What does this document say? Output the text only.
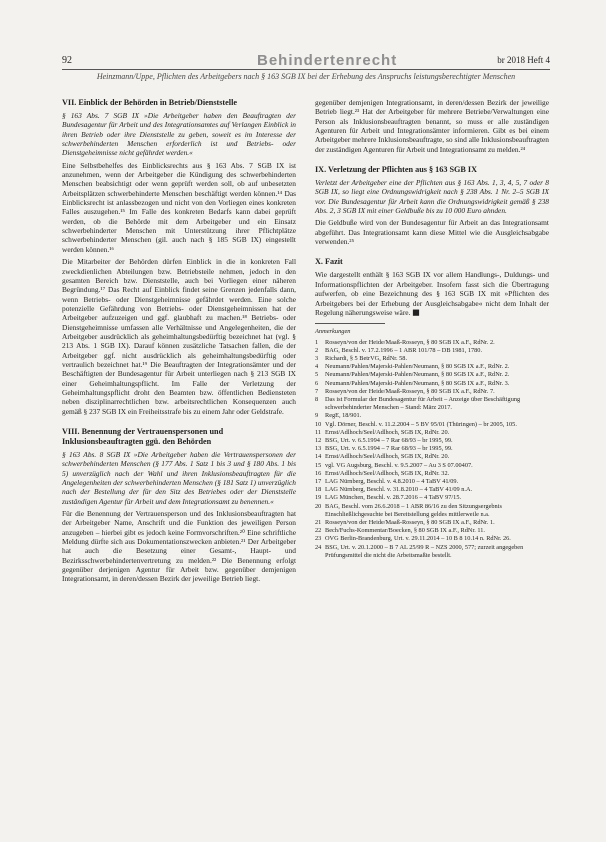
92	Behindertenrecht	br 2018 Heft 4
Heinzmann/Uppe, Pflichten des Arbeitgebers nach § 163 SGB IX bei der Erhebung des Anspruchs leistungsberechtigter Menschen
VII. Einblick der Behörden in Betrieb/Dienststelle
§ 163 Abs. 7 SGB IX »Die Arbeitgeber haben den Beauftragten der Bundesagentur für Arbeit und des Integrationsamtes auf Verlangen Einblick in ihren Betrieb oder ihre Dienststelle zu geben, soweit es im Interesse der schwerbehinderten Menschen erforderlich ist und Betriebs- oder Dienstgeheimnisse nicht gefährdet werden.«
Eine Selbstbehelfes des Einblicksrechts aus § 163 Abs. 7 SGB IX ist anzunehmen, wenn der Arbeitgeber die Kündigung des schwerbehinderten Menschen beabsichtigt oder wenn geprüft werden soll, ob auf unbesetzten Arbeitsplätzen schwerbehinderte Menschen beschäftigt werden können.¹⁴ Das Einblicksrecht ist anlassbezogen und nicht von den Vorliegen eines konkreten Falles auszugehen.¹⁵ Im Falle des konkreten Bedarfs kann dabei geprüft werden, ob die Behörde mit dem Arbeitgeber und ein Einsatz schwerbehinderter Menschen mit Unterstützung ihrer Pflichtplätze schwerbehinderter Menschen (gil. auch nach § 185 SGB IX) eingestellt werden können.¹⁶
Die Mitarbeiter der Behörden dürfen Einblick in die in konkreten Fall zweckdienlichen Abteilungen bzw. Betriebsteile nehmen, jedoch in den gesamten Bereich bzw. Dienststelle, auch bei Vorliegen einer näheren Begründung.¹⁷ Das Recht auf Einblick findet seine Grenzen jedenfalls dann, wenn Betriebs- oder Dienstgeheimnisse gefährdet werden. Eine solche potenzielle Gefährdung von Betriebs- oder Dienstgeheimnissen hat der Arbeitgeber aufzuzeigen und ggf. glaubhaft zu machen.¹⁸ Betriebs- oder Dienstgeheimnisse umfassen alle Verhältnisse und Angelegenheiten, die der Arbeitgeber ausdrücklich als geheimhaltungsbedürftig bezeichnet hat (vgl. § 213 Abs. 1 SGB IX). Darauf können zusätzliche Tatsachen fallen, die der Arbeitgeber ggf. nicht ausdrücklich als geheimhaltungsbedürftig oder vertraulich bezeichnet hat.¹⁹ Die Beauftragten der Integrationsämter und der Beschäftigten der Bundesagentur für Arbeit unterliegen nach § 213 SGB IX einer Geheimhaltungspflicht. Im Falle der Verletzung der Geheimhaltungspflicht droht den Beamten bzw. öffentlichen Bediensteten neben disziplinarrechtlichen bzw. arbeitsrechtlichen Konsequenzen auch gemäß § 237 SGB IX ein Freiheitsstrafe bis zu einem Jahr oder Geldstrafe.
VIII. Benennung der Vertrauenspersonen und Inklusionsbeauftragten ggü. den Behörden
§ 163 Abs. 8 SGB IX »Die Arbeitgeber haben die Vertrauenspersonen der schwerbehinderten Menschen (§ 177 Abs. 1 Satz 1 bis 3 und § 180 Abs. 1 bis 5) unverzüglich nach der Wahl und ihren Inklusionsbeauftragten für die Angelegenheiten der schwerbehinderten Menschen (§ 181 Satz 1) unverzüglich nach der Bestellung der für den Sitz des Betriebes oder der Dienststelle zuständigen Agentur für Arbeit und dem Integrationsamt zu benennen.«
Für die Benennung der Vertrauensperson und des Inklusionsbeauftragten hat der Arbeitgeber Name, Anschrift und die Funktion des jeweiligen Person anzugeben – hierbei gibt es jedoch keine Formvorschriften.²⁰ Eine schriftliche Meldung dürfte sich aus Dokumentationszwecken anbieten.²¹ Der Arbeitgeber hat auch die Besetzung einer Gesamt-, Haupt- und Bezirksschwerbehindertenvertretung zu melden.²² Die Benennung erfolgt gegenüber derjenigen Agentur für Arbeit bzw. gegenüber demjenigen Integrationsamt, in deren/dessen Bezirk der jeweilige Betrieb liegt.
gegenüber demjenigen Integrationsamt, in deren/dessen Bezirk der jeweilige Betrieb liegt.²³ Hat der Arbeitgeber für mehrere Betriebe/Verwaltungen eine Person als Inklusionsbeauftragten benannt, so muss er alle zuständigen Agenturen für Arbeit und Integrationsämter informieren. Gibt es bei einem Arbeitgeber mehrere Inklusionsbeauftragte, so sind alle Inklusionsbeauftragten der zuständigen Agenturen für Arbeit und Integrationsamt zu melden.²⁴
IX. Verletzung der Pflichten aus § 163 SGB IX
Verletzt der Arbeitgeber eine der Pflichten aus § 163 Abs. 1, 3, 4, 5, 7 oder 8 SGB IX, so liegt eine Ordnungswidrigkeit nach § 238 Abs. 1 Nr. 2–5 SGB IX vor. Die Bundesagentur für Arbeit kann die Ordnungswidrigkeit gemäß § 238 Abs. 2, 3 SGB IX mit einer Geldbuße bis zu 10 000 Euro ahnden.
Die Geldbuße wird von der Bundesagentur für Arbeit an das Integrationsamt abgeführt. Das Integrationsamt kann diese Mittel wie die Ausgleichsabgabe verwenden.²⁵
X. Fazit
Wie dargestellt enthält § 163 SGB IX vor allem Handlungs-, Duldungs- und Informationspflichten der Arbeitgeber. Insofern fasst sich die Übertragung aufwerfen, ob eine Bezeichnung des § 163 SGB IX mit »Pflichten des Arbeitgebers bei der Erhebung der Ausgleichsabgabe« nicht dem Inhalt der Regelung näherungsweise wäre. ◼
Anmerkungen

1 Rosseyn/von der Heide/Maaß-Rosseyn, § 80 SGB IX a.F., RdNr. 2.

2 BAG, Beschl. v. 17.2.1996 – 1 ABR 101/78 – DB 1981, 1780.

3 Richardi, § 5 BetrVG, RdNr. 58.

4 Neumann/Pahlen/Majerski-Pahlen/Neumann, § 80 SGB IX a.F., RdNr. 2.

5 Neumann/Pahlen/Majerski-Pahlen/Neumann, § 80 SGB IX a.F., RdNr. 2.

6 Neumann/Pahlen/Majerski-Pahlen/Neumann, § 80 SGB IX a.F., RdNr. 3.

7 Rosseyn/von der Heide/Maaß-Rosseyn, § 80 SGB IX a.F., RdNr. 7.

8 Das ist Formular der Bundesagentur für Arbeit – Anzeige über Beschäftigung schwerbehinderter Menschen – Stand: März 2017.

9 RegE, 18/901.

10 Vgl. Dörner, Beschl. v. 11.2.2004 – 5 BV 95/01 (Thüringen) – br 2005, 105.

11 Ernst/Adlhoch/Seel/Adlhoch, SGB IX, RdNr. 20.

12 BSG, Urt. v. 6.5.1994 – 7 Rar 68/93 – br 1995, 99.

13 BSG, Urt. v. 6.5.1994 – 7 Rar 68/93 – br 1995, 99.

14 Ernst/Adlhoch/Seel/Adlhoch, SGB IX, RdNr. 20.

15 vgl. VG Augsburg, Beschl. v. 9.5.2007 – Au 3 S 07.00407.

16 Ernst/Adlhoch/Seel/Adlhoch, SGB IX, RdNr. 32.

17 LAG Nürnberg, Beschl. v. 4.8.2010 – 4 TaBV 41/09.

18 LAG Nürnberg, Beschl. v. 31.8.2010 – 4 TaBV 41/09 n.A.

19 LAG München, Beschl. v. 28.7.2016 – 4 TaBV 97/15.

20 BAG, Beschl. vom 26.6.2018 – 1 ABR 86/16 zu den Sitzungsergebnis Einschließlichgesuchte bei Bereitstellung geldes mittlerweile n.a.

21 Rosseyn/von der Heide/Maaß-Rosseyn, § 80 SGB IX a.F., RdNr. 1.

22 Bech/Fuchs-Kommentar/Boecken, § 80 SGB IX a.F., RdNr. 11.

23 OVG Berlin-Brandenburg, Urt. v. 29.11.2014 – 10 B 8 10.14 n. RdNr. 26.

24 BSG, Urt. v. 20.1.2000 – B 7 AL 25/99 R – NZS 2000, 577; zurzeit angegeben Prüfungsmittel die nicht die Arbeitsmaßte bestellt.
